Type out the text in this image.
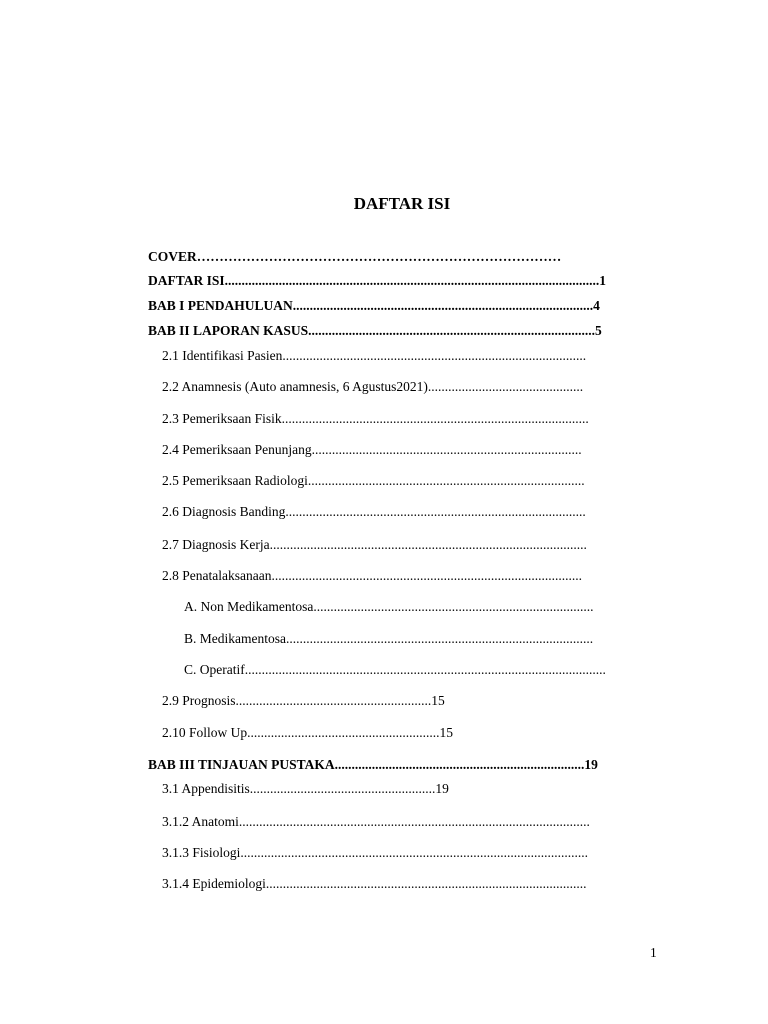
DAFTAR ISI
COVER………………………………………………………………………
DAFTAR ISI...............................................................................................................1
BAB I PENDAHULUAN.........................................................................................4
BAB II LAPORAN KASUS.....................................................................................5
2.1 Identifikasi Pasien..........................................................................................
2.2 Anamnesis (Auto anamnesis, 6 Agustus2021)..............................................
2.3 Pemeriksaan Fisik...........................................................................................
2.4 Pemeriksaan Penunjang................................................................................
2.5 Pemeriksaan Radiologi..................................................................................
2.6 Diagnosis Banding.........................................................................................
2.7 Diagnosis Kerja..............................................................................................
2.8 Penatalaksanaan............................................................................................
A. Non Medikamentosa...................................................................................
B. Medikamentosa...........................................................................................
C. Operatif...........................................................................................................
2.9 Prognosis..........................................................15
2.10 Follow Up.........................................................15
BAB III TINJAUAN PUSTAKA..........................................................................19
3.1 Appendisitis.......................................................19
3.1.2 Anatomi........................................................................................................
3.1.3 Fisiologi.......................................................................................................
3.1.4 Epidemiologi...............................................................................................
1
